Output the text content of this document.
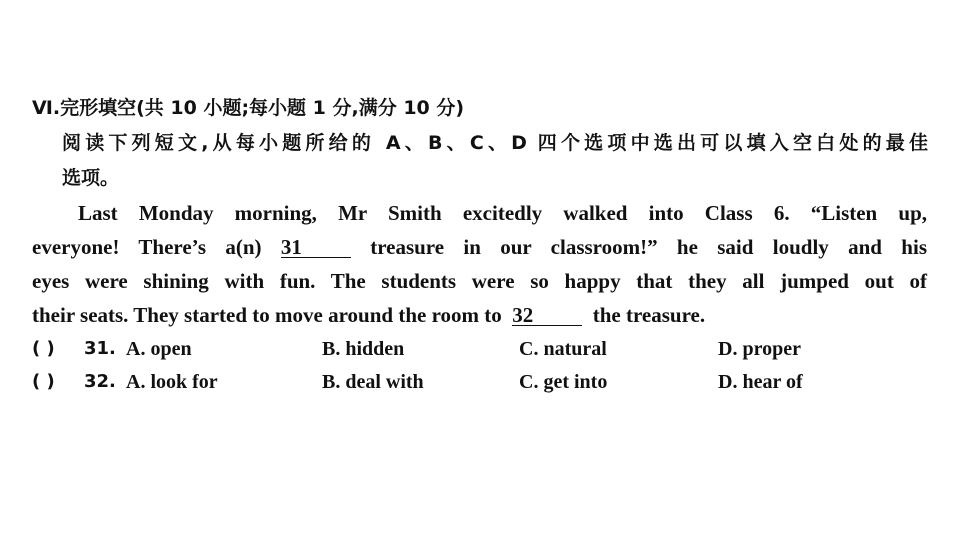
Ⅵ.完形填空(共 10 小题;每小题 1 分,满分 10 分)
阅读下列短文,从每小题所给的 A、B、C、D 四个选项中选出可以填入空白处的最佳
选项。
Last Monday morning, Mr Smith excitedly walked into Class 6. “Listen up,
everyone! There’s a(n) 31	treasure in our classroom!” he said loudly and his
eyes were shining with fun. The students were so happy that they all jumped out of
their seats. They started to move around the room to 32	the treasure.
( ) 31. A. open	B. hidden	C. natural	D. proper
( ) 32. A. look for	B. deal with	C. get into	D. hear of
